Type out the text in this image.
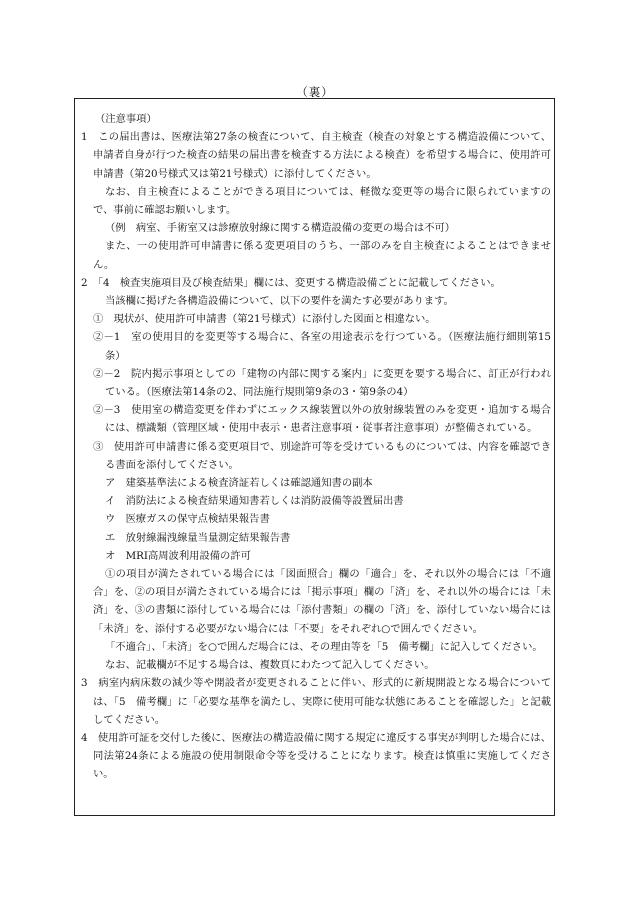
（裏）

（注意事項）

1　この届出書は、医療法第27条の検査について、自主検査（検査の対象とする構造設備について、申請者自身が行つた検査の結果の届出書を検査する方法による検査）を希望する場合に、使用許可申請書（第20号様式又は第21号様式）に添付してください。

なお、自主検査によることができる項目については、軽微な変更等の場合に限られていますので、事前に確認お願いします。

（例　病室、手術室又は診療放射線に関する構造設備の変更の場合は不可）

また、一の使用許可申請書に係る変更項目のうち、一部のみを自主検査によることはできません。

2　「4　検査実施項目及び検査結果」欄には、変更する構造設備ごとに記載してください。

当該欄に掲げた各構造設備について、以下の要件を満たす必要があります。

①　現状が、使用許可申請書（第21号様式）に添付した図面と相違ない。

②－1　室の使用目的を変更等する場合に、各室の用途表示を行つている。（医療法施行細則第15条）

②－2　院内掲示事項としての「建物の内部に関する案内」に変更を要する場合に、訂正が行われている。（医療法第14条の2、同法施行規則第9条の3・第9条の4）

②－3　使用室の構造変更を伴わずにエックス線装置以外の放射線装置のみを変更・追加する場合には、標識類（管理区域・使用中表示・患者注意事項・従事者注意事項）が整備されている。

③　使用許可申請書に係る変更項目で、別途許可等を受けているものについては、内容を確認できる書面を添付してください。

ア　建築基準法による検査済証若しくは確認通知書の副本

イ　消防法による検査結果通知書若しくは消防設備等設置届出書

ウ　医療ガスの保守点検結果報告書

エ　放射線漏洩線量当量測定結果報告書

オ　MRI高周波利用設備の許可

①の項目が満たされている場合には「図面照合」欄の「適合」を、それ以外の場合には「不適合」を、②の項目が満たされている場合には「掲示事項」欄の「済」を、それ以外の場合には「未済」を、③の書類に添付している場合には「添付書類」の欄の「済」を、添付していない場合には「未済」を、添付する必要がない場合には「不要」をそれぞれ○で囲んでください。

「不適合」、「未済」を○で囲んだ場合には、その理由等を「5　備考欄」に記入してください。

なお、記載欄が不足する場合は、複数頁にわたつて記入してください。

3　病室内病床数の減少等や開設者が変更されることに伴い、形式的に新規開設となる場合については、「5　備考欄」に「必要な基準を満たし、実際に使用可能な状態にあることを確認した」と記載してください。

4　使用許可証を交付した後に、医療法の構造設備に関する規定に違反する事実が判明した場合には、同法第24条による施設の使用制限命令等を受けることになります。検査は慎重に実施してください。
